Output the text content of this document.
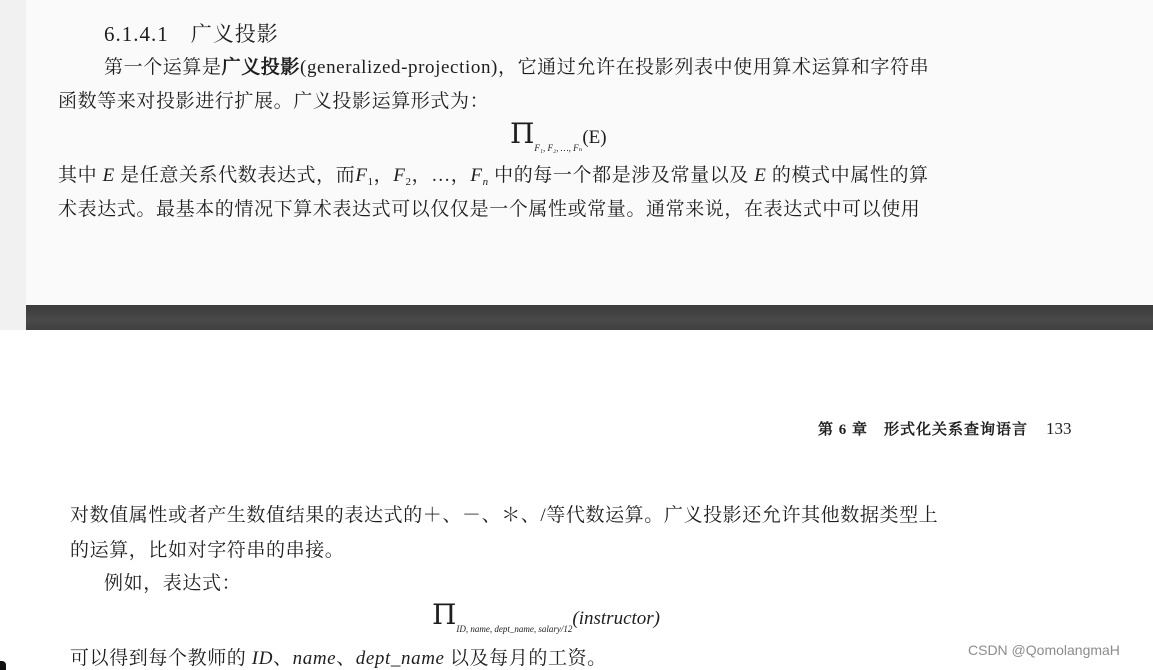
6.1.4.1　广义投影
第一个运算是广义投影(generalized-projection)，它通过允许在投影列表中使用算术运算和字符串
函数等来对投影进行扩展。广义投影运算形式为：
$\Pi_{F_1, F_2, \dots, F_n}(E)$
其中 E 是任意关系代数表达式，而$F_1$，$F_2$，…，$F_n$ 中的每一个都是涉及常量以及 E 的模式中属性的算
术表达式。最基本的情况下算术表达式可以仅仅是一个属性或常量。通常来说，在表达式中可以使用
第 6 章　形式化关系查询语言 133
对数值属性或者产生数值结果的表达式的＋、－、＊、/等代数运算。广义投影还允许其他数据类型上
的运算，比如对字符串的串接。
例如，表达式：
$\Pi_{ID, name, dept\_name, salary/12}(instructor)$
可以得到每个教师的 ID、name、dept_name 以及每月的工资。	CSDN @QomolangmaH
